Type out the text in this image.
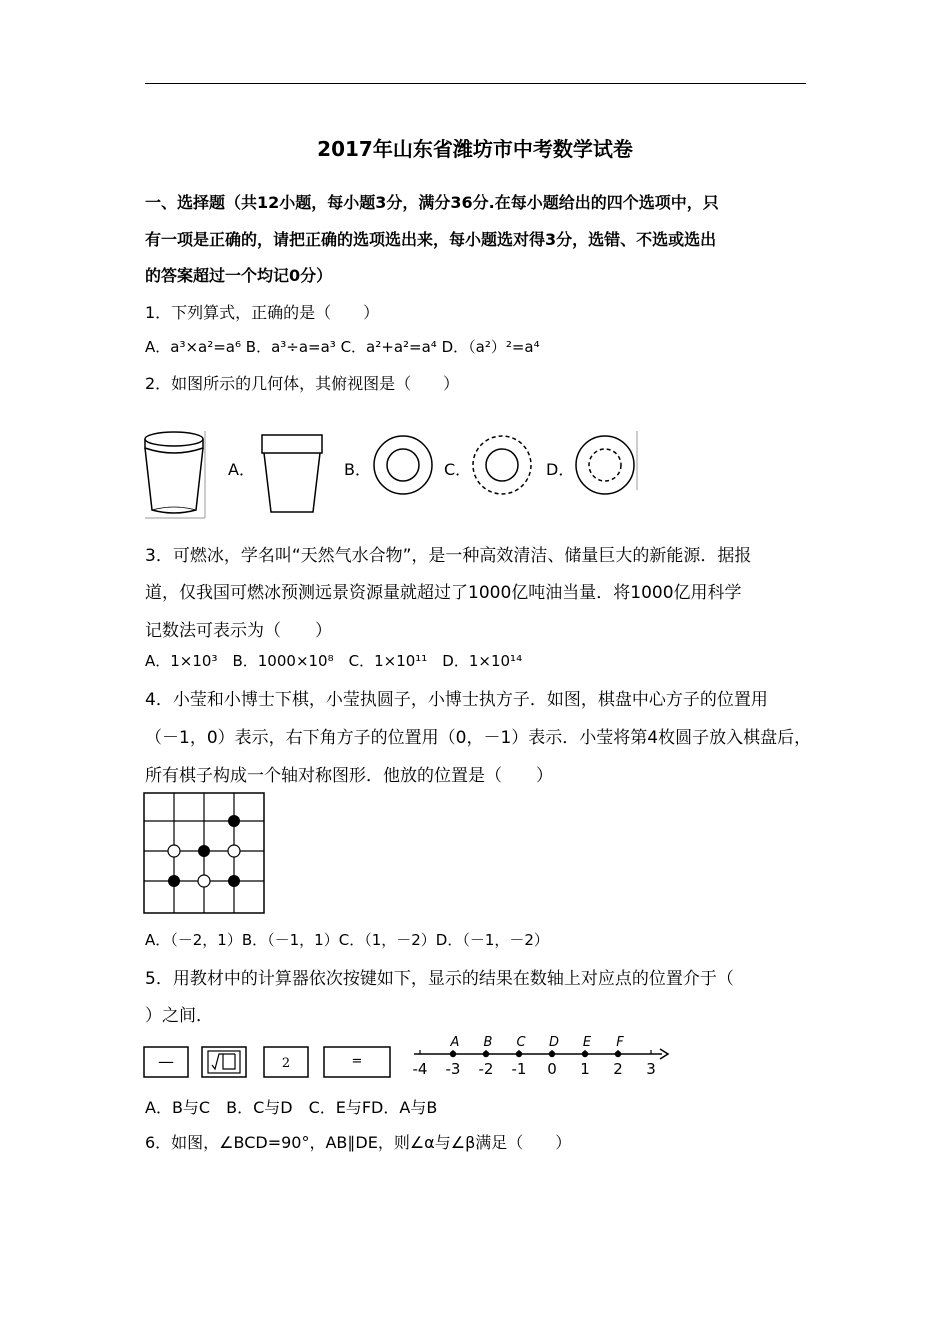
2017年山东省潍坊市中考数学试卷
一、选择题（共12小题，每小题3分，满分36分.在每小题给出的四个选项中，只
有一项是正确的，请把正确的选项选出来，每小题选对得3分，选错、不选或选出
的答案超过一个均记0分）
1．下列算式，正确的是（　　）
A．a³×a²=a⁶ B．a³÷a=a³ C．a²+a²=a⁴ D．（a²）²=a⁴
2．如图所示的几何体，其俯视图是（　　）
A．	B．	C．	D．
3．可燃冰，学名叫“天然气水合物”，是一种高效清洁、储量巨大的新能源．据报
道，仅我国可燃冰预测远景资源量就超过了1000亿吨油当量．将1000亿用科学
记数法可表示为（　　）
A．1×10³　B．1000×10⁸　C．1×10¹¹　D．1×10¹⁴
4．小莹和小博士下棋，小莹执圆子，小博士执方子．如图，棋盘中心方子的位置用
（－1，0）表示，右下角方子的位置用（0，－1）表示．小莹将第4枚圆子放入棋盘后，
所有棋子构成一个轴对称图形．他放的位置是（　　）
A．（－2，1）B．（－1，1）C．（1，－2）D．（－1，－2）
5．用教材中的计算器依次按键如下，显示的结果在数轴上对应点的位置介于（
）之间．
—	2	=	-4 -3 -2 -1 0 1 2 3
A B C D E F
A．B与C　B．C与D　C．E与FD．A与B
6．如图，∠BCD=90°，AB∥DE，则∠α与∠β满足（　　）
